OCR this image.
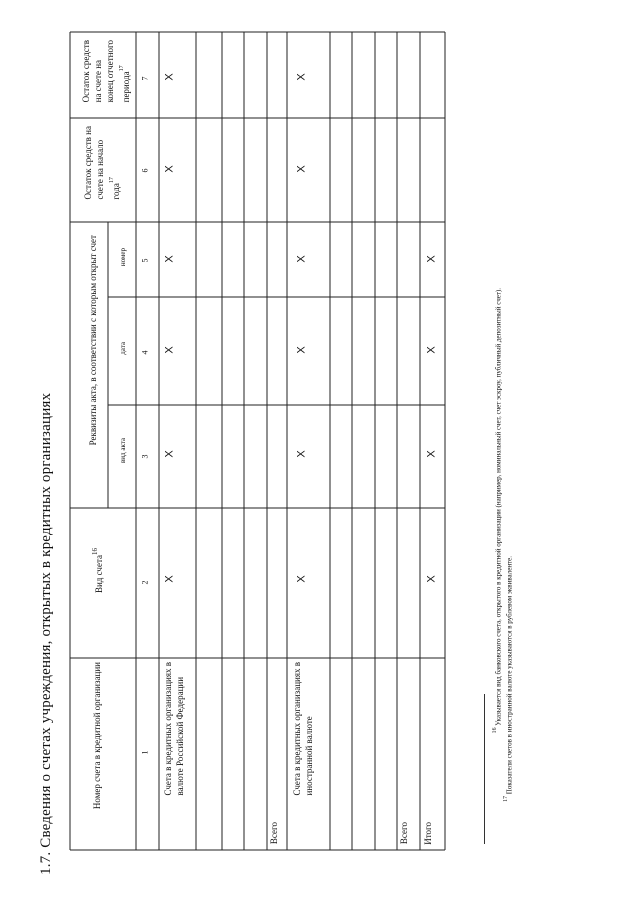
1.7. Сведения о счетах учреждения, открытых в кредитных организациях	Номер счета в кредитной организации
Вид счета$^{16}$
Реквизиты акта, в соответствии с которым открыт счет
вид акта
дата
номер
Остаток средств на счете на начало года$^{17}$
Остаток средств на счете на конец отчетного периода$^{17}$
1
2
3
4
5
6
7
Счета в кредитных организациях в валюте Российской Федерации
Всего
Счета в кредитных организациях в иностранной валюте
Всего Итого
X
X
X
X
X
X
X
X
X
X
X
X
X
X
X
X
$^{16}$ Указывается вид банковского счета, открытого в кредитной организации (например, номинальный счет, счет эскроу, публичный депозитный счет).
$^{17}$ Показатели счетов в иностранной валюте указываются в рублевом эквиваленте.
